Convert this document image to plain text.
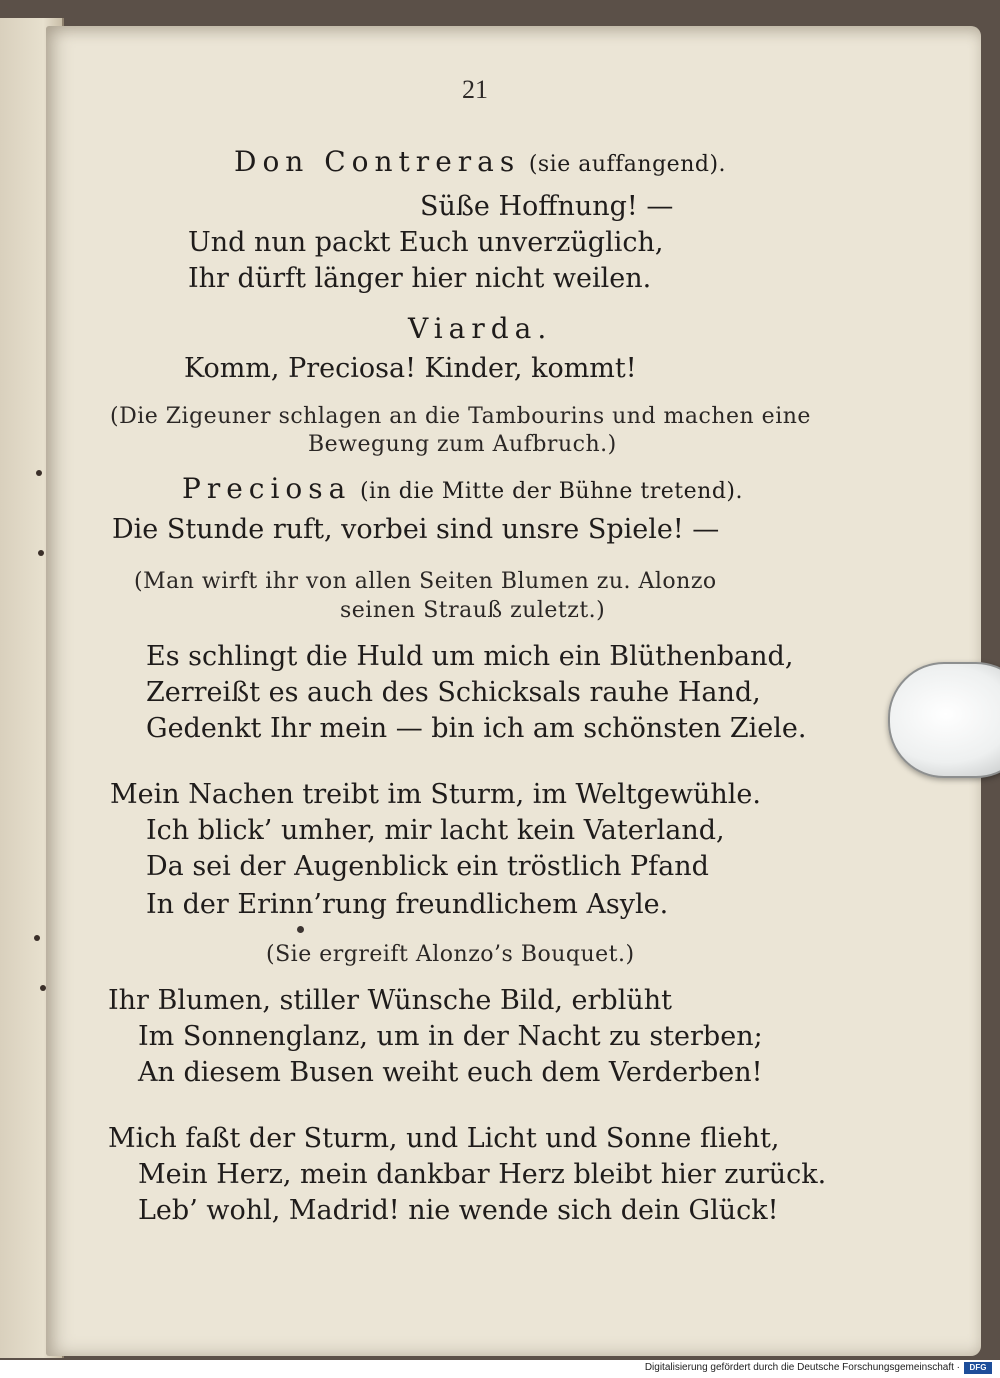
21
Don Contreras (sie auffangend).
Süße Hoffnung! —
Und nun packt Euch unverzüglich,
Ihr dürft länger hier nicht weilen.
Viarda.
Komm, Preciosa! Kinder, kommt!
(Die Zigeuner schlagen an die Tambourins und machen eine
Bewegung zum Aufbruch.)
Preciosa (in die Mitte der Bühne tretend).
Die Stunde ruft, vorbei sind unsre Spiele! —
(Man wirft ihr von allen Seiten Blumen zu. Alonzo
seinen Strauß zuletzt.)
Es schlingt die Huld um mich ein Blüthenband,
Zerreißt es auch des Schicksals rauhe Hand,
Gedenkt Ihr mein — bin ich am schönsten Ziele.
Mein Nachen treibt im Sturm, im Weltgewühle.
Ich blick’ umher, mir lacht kein Vaterland,
Da sei der Augenblick ein tröstlich Pfand
In der Erinn’rung freundlichem Asyle.
(Sie ergreift Alonzo’s Bouquet.)
Ihr Blumen, stiller Wünsche Bild, erblüht
Im Sonnenglanz, um in der Nacht zu sterben;
An diesem Busen weiht euch dem Verderben!
Mich faßt der Sturm, und Licht und Sonne flieht,
Mein Herz, mein dankbar Herz bleibt hier zurück.
Leb’ wohl, Madrid! nie wende sich dein Glück!
Digitalisierung gefördert durch die Deutsche Forschungsgemeinschaft ·	DFG
